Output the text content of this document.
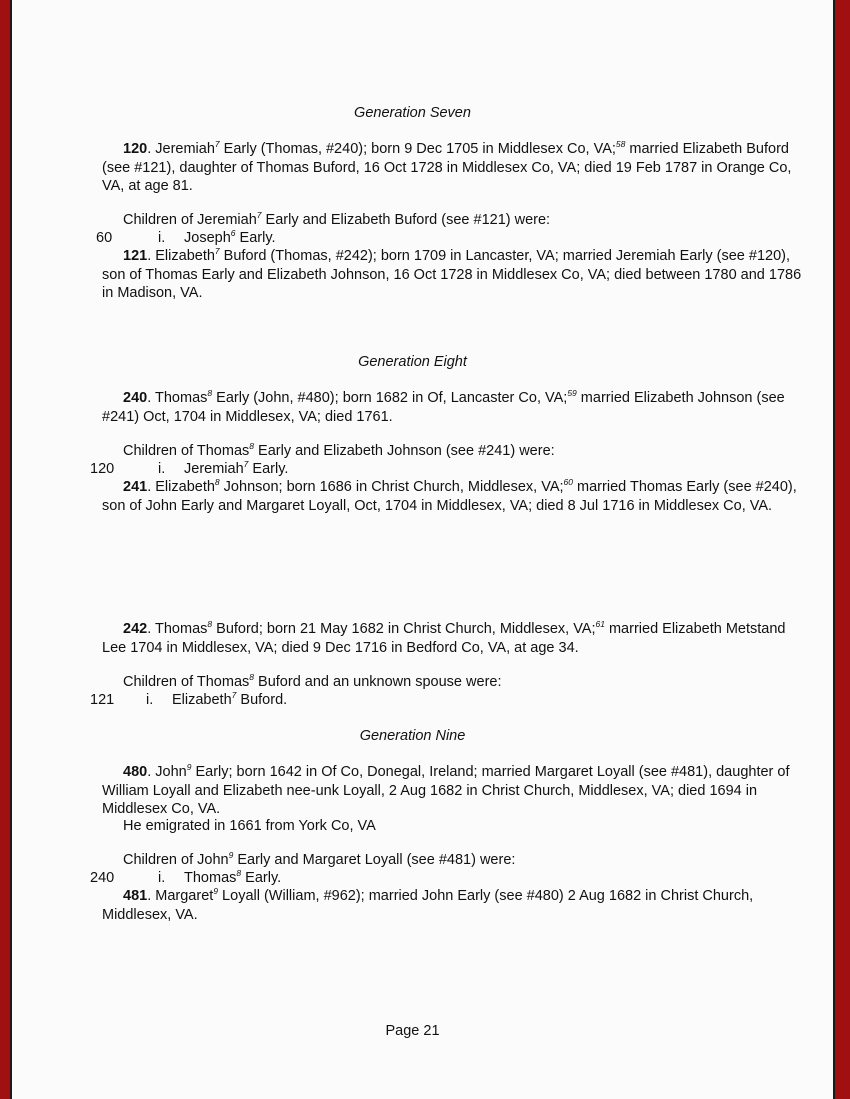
Generation Seven
120. Jeremiah$^7$ Early (Thomas, #240); born 9 Dec 1705 in Middlesex Co, VA;$^{58}$ married Elizabeth Buford (see #121), daughter of Thomas Buford, 16 Oct 1728 in Middlesex Co, VA; died 19 Feb 1787 in Orange Co, VA, at age 81.
Children of Jeremiah$^7$ Early and Elizabeth Buford (see #121) were:
60	i. Joseph$^6$ Early.
121. Elizabeth$^7$ Buford (Thomas, #242); born 1709 in Lancaster, VA; married Jeremiah Early (see #120), son of Thomas Early and Elizabeth Johnson, 16 Oct 1728 in Middlesex Co, VA; died between 1780 and 1786 in Madison, VA.
Generation Eight
240. Thomas$^8$ Early (John, #480); born 1682 in Of, Lancaster Co, VA;$^{59}$ married Elizabeth Johnson (see #241) Oct, 1704 in Middlesex, VA; died 1761.
Children of Thomas$^8$ Early and Elizabeth Johnson (see #241) were:
120	i. Jeremiah$^7$ Early.
241. Elizabeth$^8$ Johnson; born 1686 in Christ Church, Middlesex, VA;$^{60}$ married Thomas Early (see #240), son of John Early and Margaret Loyall, Oct, 1704 in Middlesex, VA; died 8 Jul 1716 in Middlesex Co, VA.
242. Thomas$^8$ Buford; born 21 May 1682 in Christ Church, Middlesex, VA;$^{61}$ married Elizabeth Metstand Lee 1704 in Middlesex, VA; died 9 Dec 1716 in Bedford Co, VA, at age 34.
Children of Thomas$^8$ Buford and an unknown spouse were:
121 i. Elizabeth$^7$ Buford.
Generation Nine
480. John$^9$ Early; born 1642 in Of Co, Donegal, Ireland; married Margaret Loyall (see #481), daughter of William Loyall and Elizabeth nee-unk Loyall, 2 Aug 1682 in Christ Church, Middlesex, VA; died 1694 in Middlesex Co, VA.
He emigrated in 1661 from York Co, VA
Children of John$^9$ Early and Margaret Loyall (see #481) were:
240	i. Thomas$^8$ Early.
481. Margaret$^9$ Loyall (William, #962); married John Early (see #480) 2 Aug 1682 in Christ Church, Middlesex, VA.
Page 21
